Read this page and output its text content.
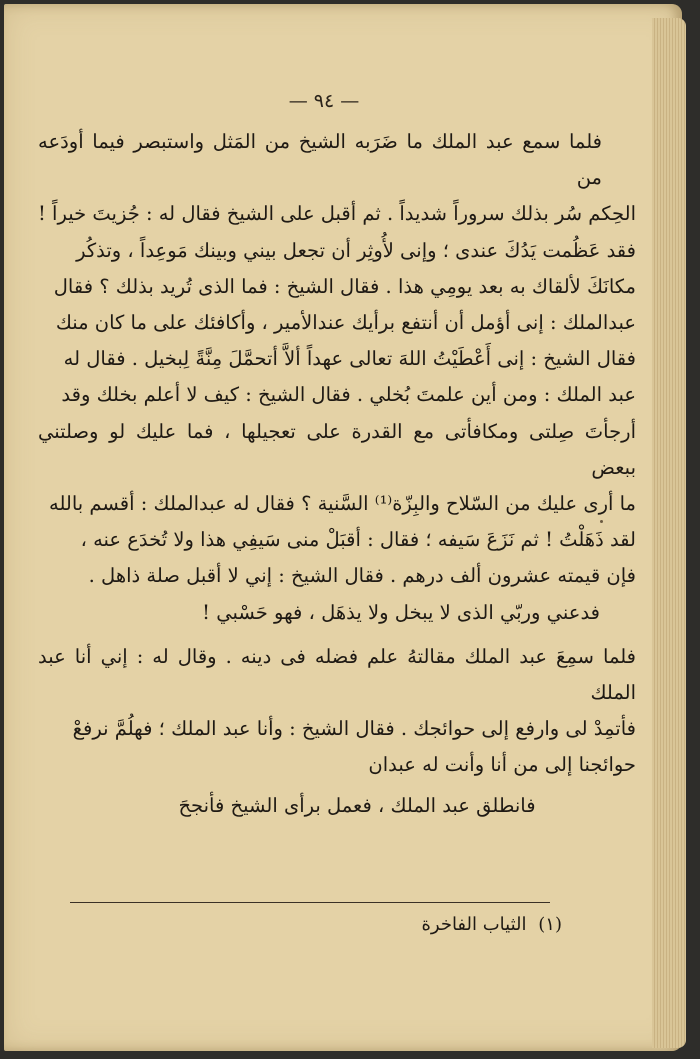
— ٩٤ —

فلما سمع عبد الملك ما ضَرَبه الشيخ من المَثل واستبصر فيما أودَعه من
الحِكم سُر بذلك سروراً شديداً . ثم أقبل على الشيخ فقال له : جُزيتَ خيراً !
فقد عَظُمت يَدُكَ عندى ؛ وإنى لأُوثِر أن تجعل بيني وبينك مَوعِداً ، وتذكُر
مكانَكَ لألقاك به بعد يومِي هذا . فقال الشيخ : فما الذى تُريد بذلك ؟ فقال
عبدالملك : إنى أؤمل أن أنتفع برأيك عندالأمير ، وأكافئك على ما كان منك
فقال الشيخ : إنى أَعْطَيْتُ اللهَ تعالى عهداً ألاَّ أتحمَّلَ مِنَّةً لِبخيل . فقال له
عبد الملك : ومن أين علمتَ بُخلي . فقال الشيخ : كيف لا أعلم بخلك وقد
أرجأتَ صِلتى ومكافأتى مع القدرة على تعجيلها ، فما عليك لو وصلتني ببعض
ما أرى عليك من السّلاح والبِزّة⁽¹⁾ السَّنية ؟ فقال له عبدالملك : أقسم بالله
لقد ذَهَلْتُ ! ثم نَزَعَ سَيفه ؛ فقال : أقبَلْ منى سَيفِي هذا ولا تُخدَع عنه ،
فإن قيمته عشرون ألف درهم . فقال الشيخ : إني لا أقبل صلة ذاهل .
فدعني وربّي الذى لا يبخل ولا يذهَل ، فهو حَسْبي !

فلما سمِعَ عبد الملك مقالتهُ علم فضله فى دينه . وقال له : إني أنا عبد الملك
فأتمِدْ لى وارفع إلى حوائجك . فقال الشيخ : وأنا عبد الملك ؛ فهلُمَّ نرفعْ
حوائجنا إلى من أنا وأنت له عبدان

فانطلق عبد الملك ، فعمل برأى الشيخ فأنجحَ

(١) الثياب الفاخرة
